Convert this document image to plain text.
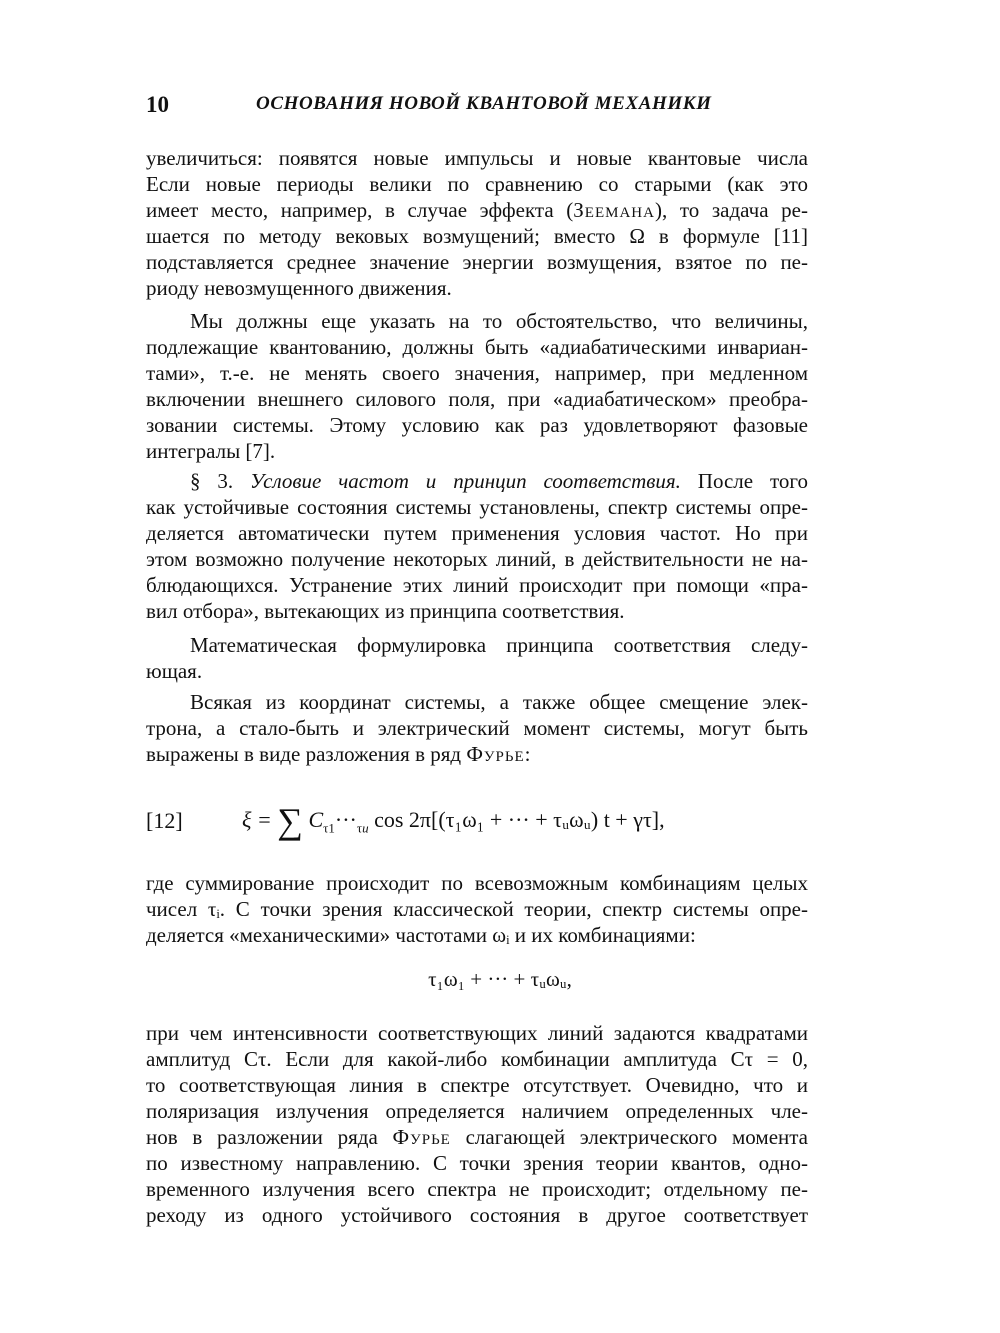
10	ОСНОВАНИЯ НОВОЙ КВАНТОВОЙ МЕХАНИКИ
увеличиться: появятся новые импульсы и новые квантовые числа
Если новые периоды велики по сравнению со старыми (как это
имеет место, например, в случае эффекта (Зеемана), то задача ре-
шается по методу вековых возмущений; вместо Ω в формуле [11]
подставляется среднее значение энергии возмущения, взятое по пе-
риоду невозмущенного движения.
Мы должны еще указать на то обстоятельство, что величины,
подлежащие квантованию, должны быть «адиабатическими инвариан-
тами», т.-е. не менять своего значения, например, при медленном
включении внешнего силового поля, при «адиабатическом» преобра-
зовании системы. Этому условию как раз удовлетворяют фазовые
интегралы [7].
§ 3. Условие частот и принцип соответствия. После того
как устойчивые состояния системы установлены, спектр системы опре-
деляется автоматически путем применения условия частот. Но при
этом возможно получение некоторых линий, в действительности не на-
блюдающихся. Устранение этих линий происходит при помощи «пра-
вил отбора», вытекающих из принципа соответствия.
Математическая формулировка принципа соответствия следу-
ющая.
Всякая из координат системы, а также общее смещение элек-
трона, а стало-быть и электрический момент системы, могут быть
выражены в виде разложения в ряд Фурье:
[12]	ξ = ∑ $C_{\tau 1}\cdot\cdot\cdot_{\tau u}$ cos 2π[(τ₁ω₁ + ··· + τᵤωᵤ) t + γτ],
где суммирование происходит по всевозможным комбинациям целых
чисел τᵢ. С точки зрения классической теории, спектр системы опре-
деляется «механическими» частотами ωᵢ и их комбинациями:
τ₁ω₁ + ··· + τᵤωᵤ,
при чем интенсивности соответствующих линий задаются квадратами
амплитуд Cτ. Если для какой-либо комбинации амплитуда Cτ = 0,
то соответствующая линия в спектре отсутствует. Очевидно, что и
поляризация излучения определяется наличием определенных чле-
нов в разложении ряда Фурье слагающей электрического момента
по известному направлению. С точки зрения теории квантов, одно-
временного излучения всего спектра не происходит; отдельному пе-
реходу из одного устойчивого состояния в другое соответствует
